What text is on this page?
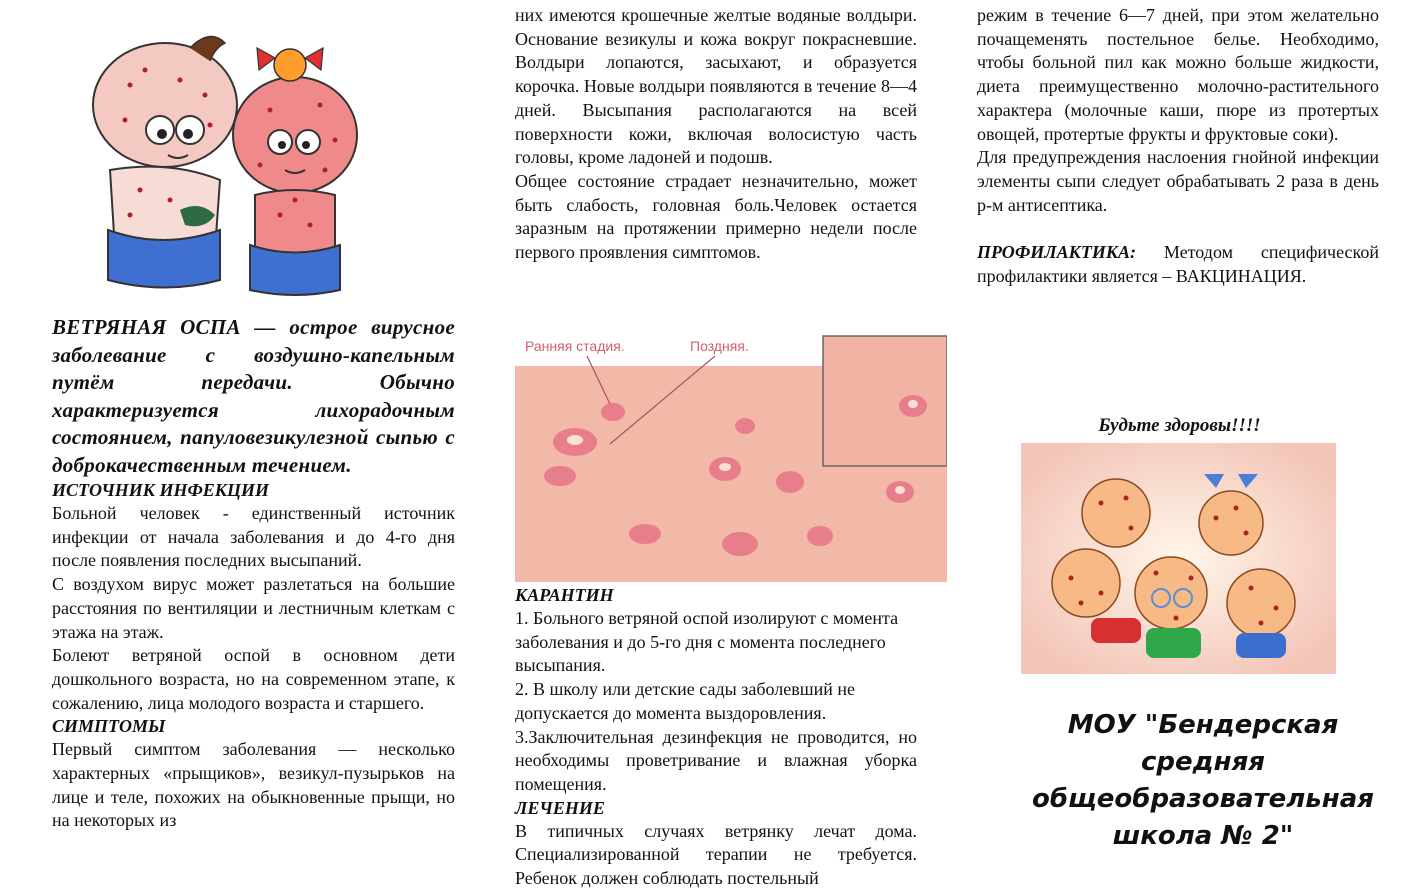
ВЕТРЯНАЯ ОСПА — острое вирусное заболевание с воздушно-капельным путём передачи. Обычно характеризуется лихорадочным состоянием, папуловезикулезной сыпью с доброкачественным течением.
ИСТОЧНИК ИНФЕКЦИИ

Больной человек - единственный источник инфекции от начала заболевания и до 4-го дня после появления последних высыпаний.

С воздухом вирус может разлетаться на большие расстояния по вентиляции и лестничным клеткам с этажа на этаж.

Болеют ветряной оспой в основном дети дошкольного возраста, но на современном этапе, к сожалению, лица молодого возраста и старшего.

СИМПТОМЫ

Первый симптом заболевания — несколько характерных «прыщиков», везикул-пузырьков на лице и теле, похожих на обыкновенные прыщи, но на некоторых из

них имеются крошечные желтые водяные волдыри. Основание везикулы и кожа вокруг покрасневшие. Волдыри лопаются, засыхают, и образуется корочка. Новые волдыри появляются в течение 8—4 дней. Высыпания располагаются на всей поверхности кожи, включая волосистую часть головы, кроме ладоней и подошв.

Общее состояние страдает незначительно, может быть слабость, головная боль.Человек остается заразным на протяжении примерно недели после первого проявления симптомов.

Ранняя стадия.	Поздняя.
КАРАНТИН

1. Больного ветряной оспой изолируют с момента заболевания и до 5-го дня с момента последнего высыпания.

2. В школу или детские сады заболевший не допускается до момента выздоровления.

3.Заключительная дезинфекция не проводится, но необходимы проветривание и влажная уборка помещения.

ЛЕЧЕНИЕ

В типичных случаях ветрянку лечат дома. Специализированной терапии не требуется. Ребенок должен соблюдать постельный

режим в течение 6—7 дней, при этом желательно почащеменять постельное белье. Необходимо, чтобы больной пил как можно больше жидкости, диета преимущественно молочно-растительного характера (молочные каши, пюре из протертых овощей, протертые фрукты и фруктовые соки).

Для предупреждения наслоения гнойной инфекции элементы сыпи следует обрабатывать 2 раза в день р-м антисептика.

ПРОФИЛАКТИКА: Методом специфической профилактики является – ВАКЦИНАЦИЯ.

Будьте здоровы!!!!
МОУ "Бендерская средняя
общеобразовательная
школа № 2"
